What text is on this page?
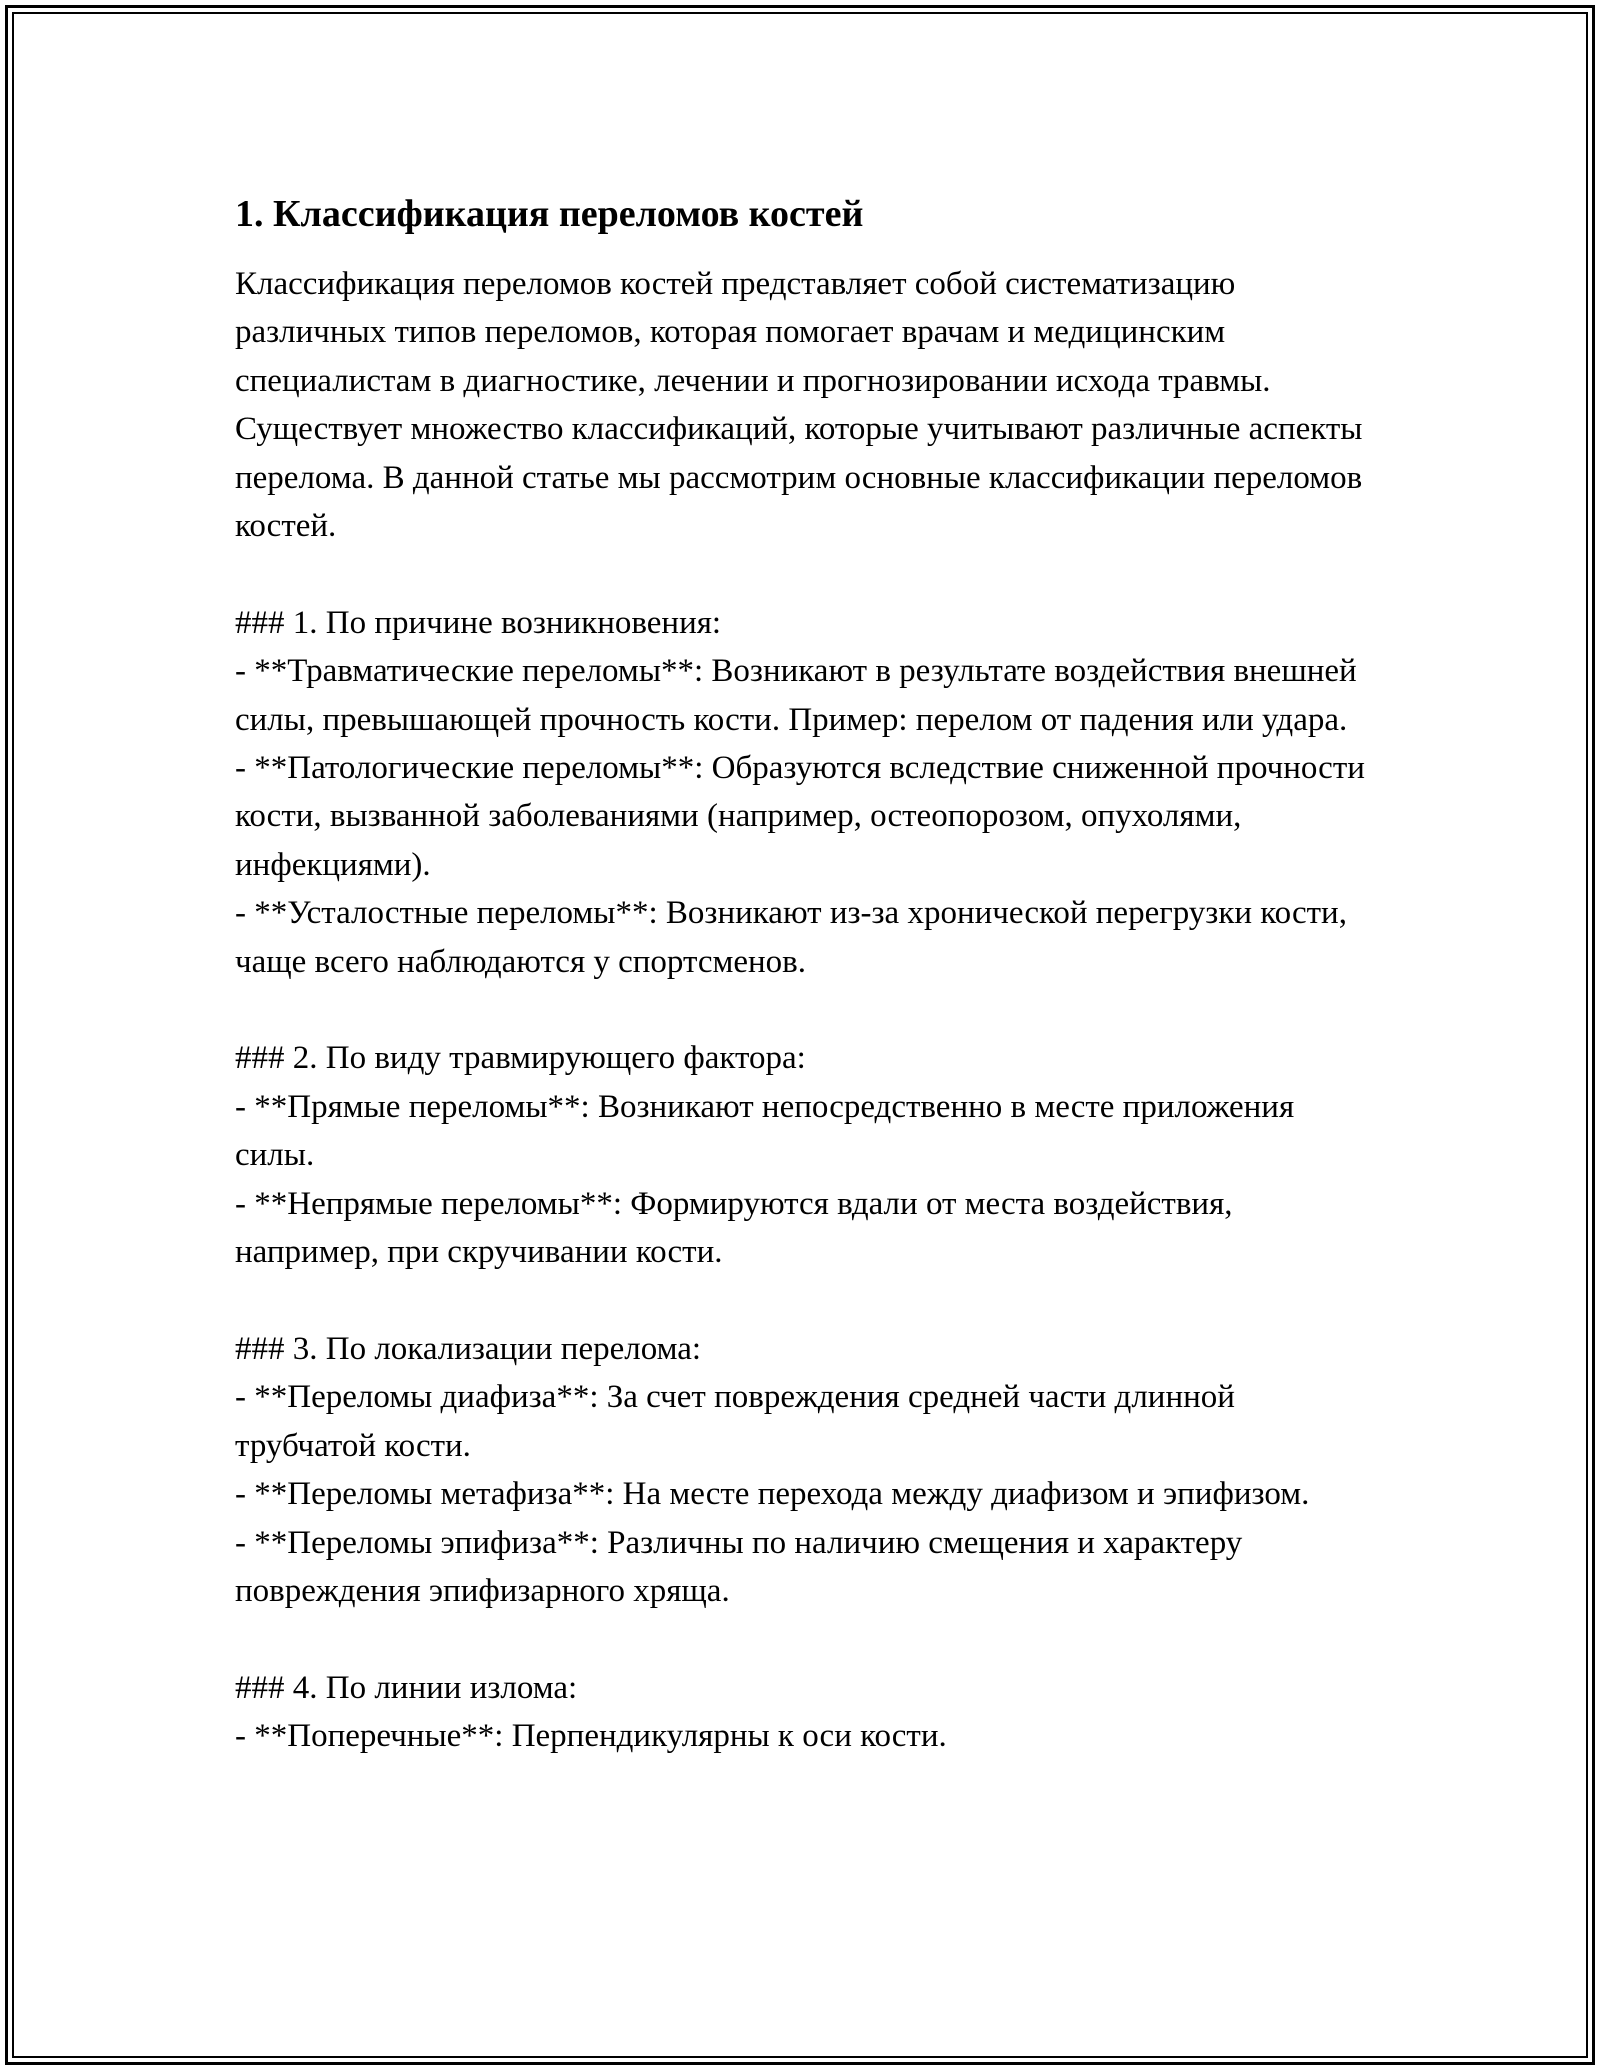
1. Классификация переломов костей

Классификация переломов костей представляет собой систематизацию различных типов переломов, которая помогает врачам и медицинским специалистам в диагностике, лечении и прогнозировании исхода травмы. Существует множество классификаций, которые учитывают различные аспекты перелома. В данной статье мы рассмотрим основные классификации переломов костей.

### 1. По причине возникновения:

- **Травматические переломы**: Возникают в результате воздействия внешней силы, превышающей прочность кости. Пример: перелом от падения или удара.

- **Патологические переломы**: Образуются вследствие сниженной прочности кости, вызванной заболеваниями (например, остеопорозом, опухолями, инфекциями).

- **Усталостные переломы**: Возникают из-за хронической перегрузки кости, чаще всего наблюдаются у спортсменов.

### 2. По виду травмирующего фактора:

- **Прямые переломы**: Возникают непосредственно в месте приложения силы.

- **Непрямые переломы**: Формируются вдали от места воздействия, например, при скручивании кости.

### 3. По локализации перелома:

- **Переломы диафиза**: За счет повреждения средней части длинной трубчатой кости.

- **Переломы метафиза**: На месте перехода между диафизом и эпифизом.

- **Переломы эпифиза**: Различны по наличию смещения и характеру повреждения эпифизарного хряща.

### 4. По линии излома:

- **Поперечные**: Перпендикулярны к оси кости.
